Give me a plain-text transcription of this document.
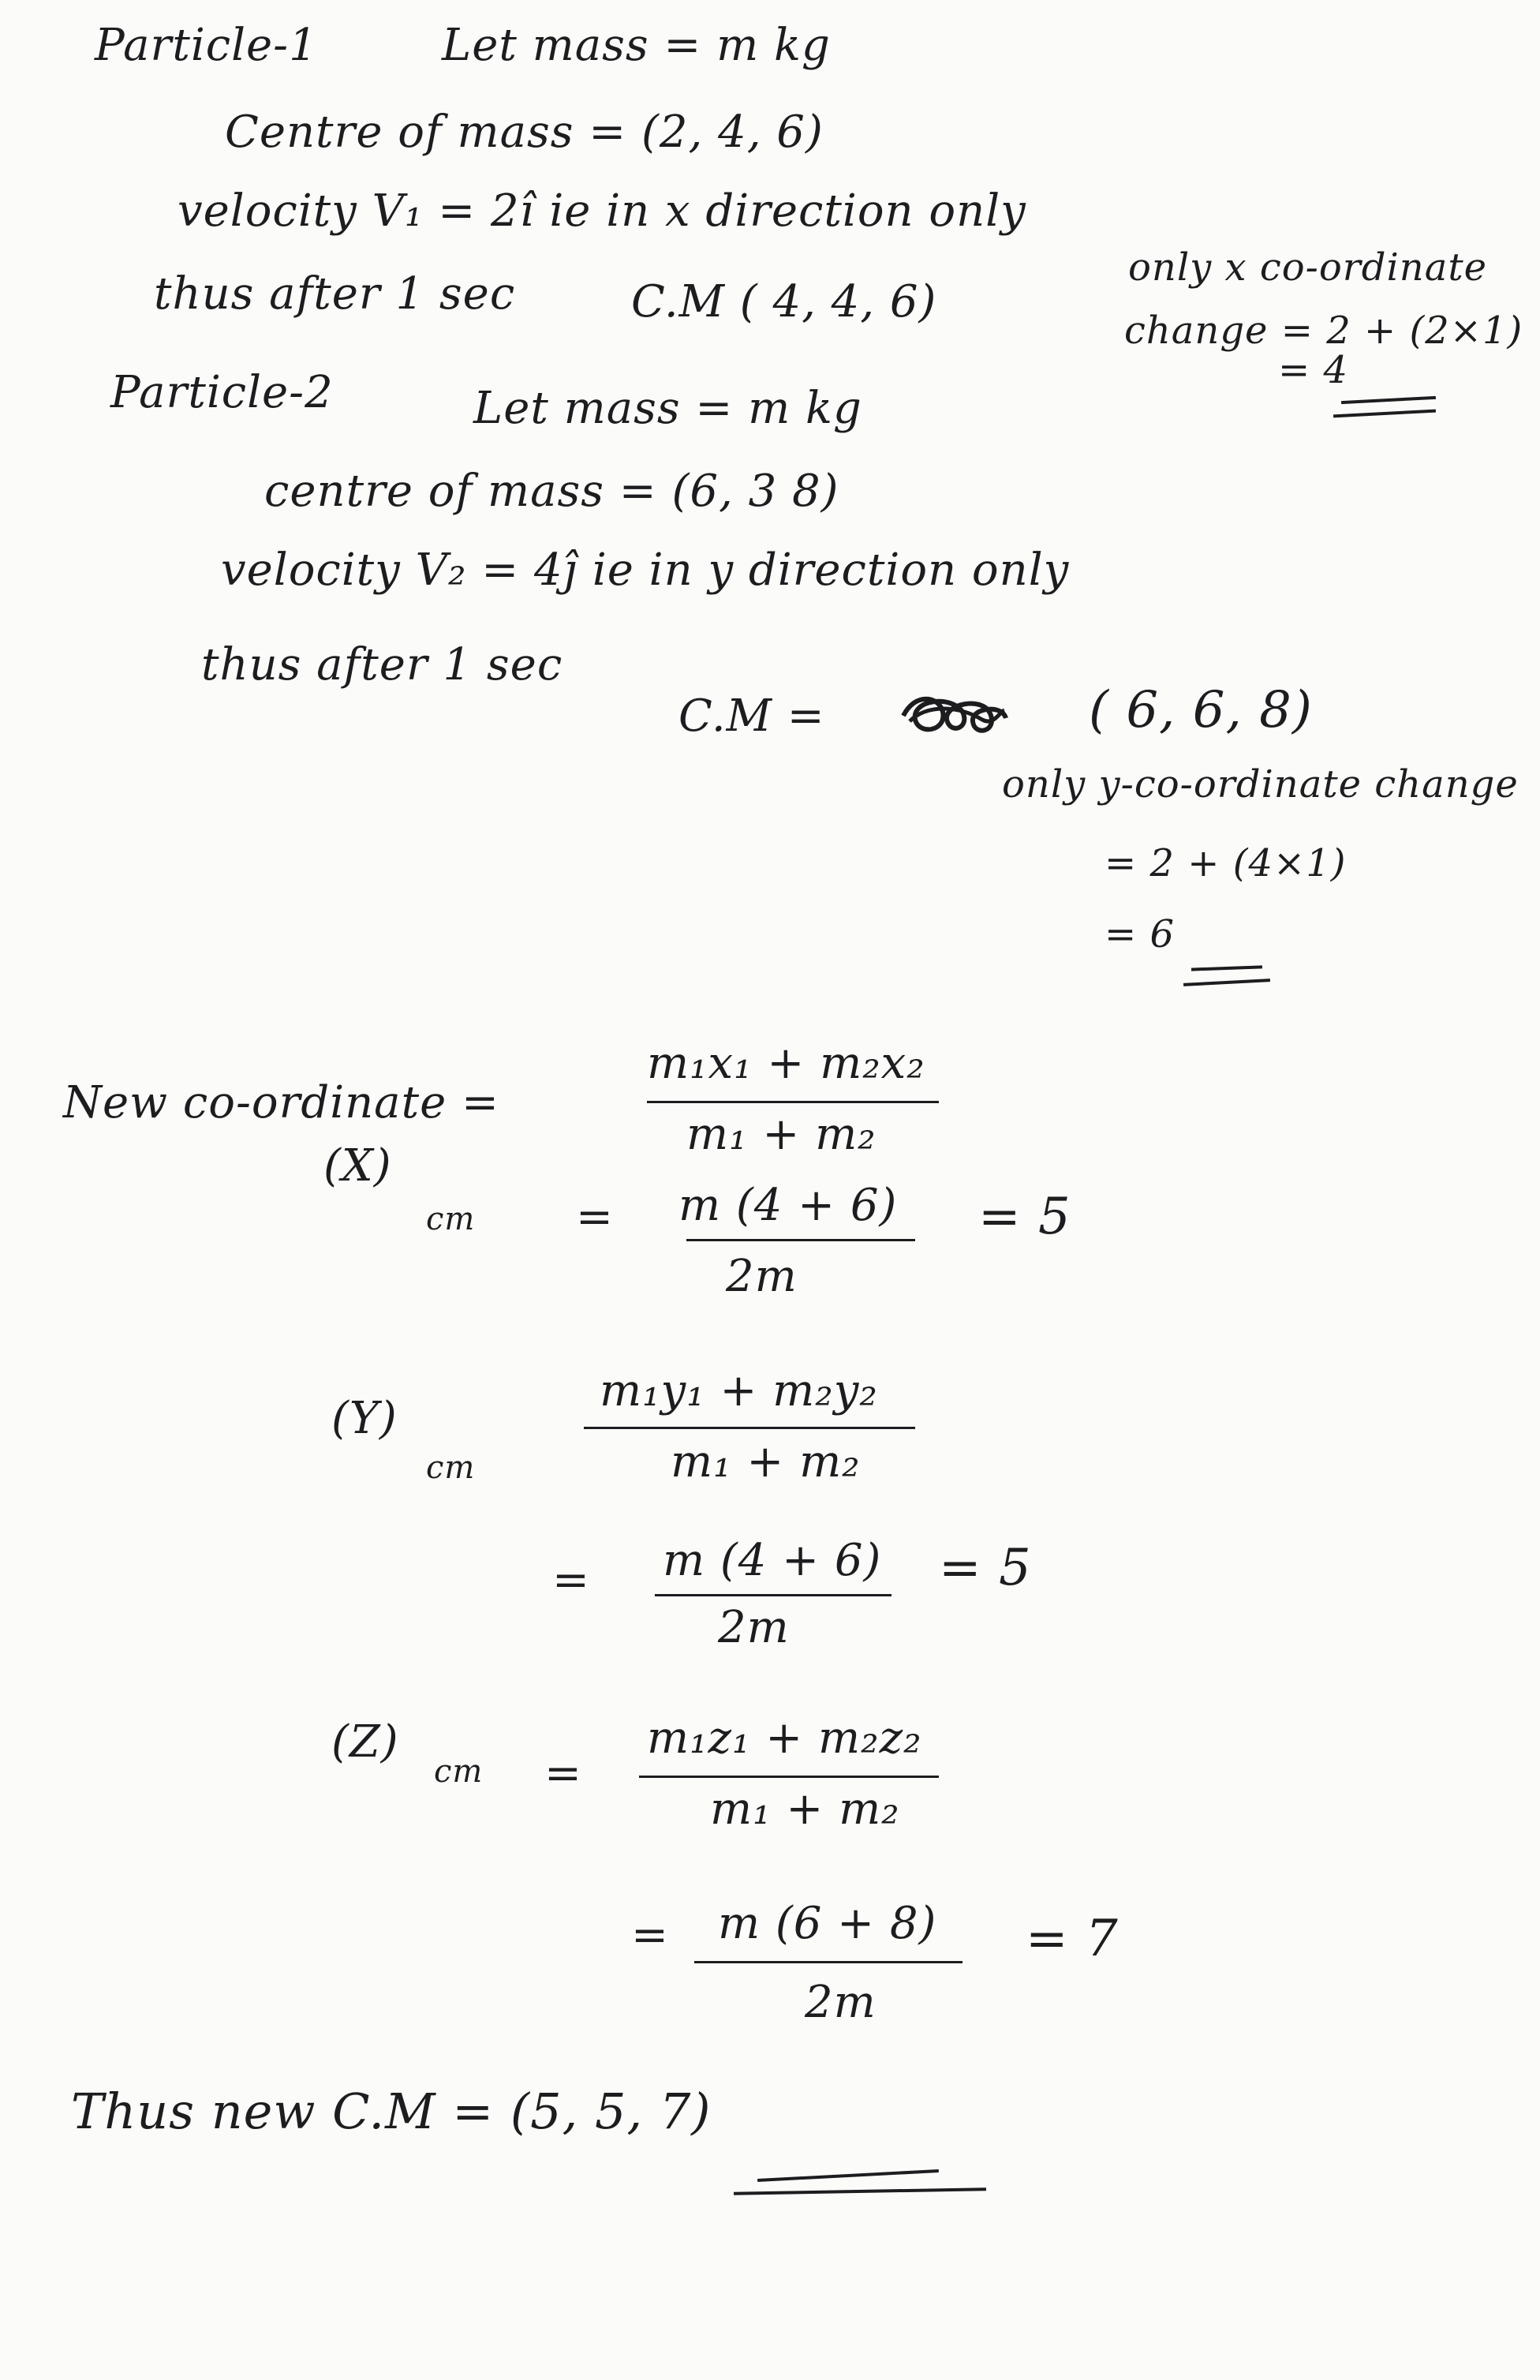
Particle-1	Let mass = m kg
Centre of mass = (2, 4, 6)
velocity V₁ = 2î ie in x direction only
thus after 1 sec	C.M ( 4, 4, 6)
only x co-ordinate
change = 2 + (2×1)
= 4
Particle-2	Let mass = m kg
centre of mass = (6, 3 8)
velocity V₂ = 4ĵ ie in y direction only
thus after 1 sec
C.M =	( 6, 6, 8)
only y-co-ordinate change
= 2 + (4×1)
= 6
New co-ordinate =
m₁x₁ + m₂x₂
m₁ + m₂
(X)
cm = m (4 + 6)
2m
= 5
m₁y₁ + m₂y₂
m₁ + m₂
(Y)
cm
= m (4 + 6)
2m
= 5
(Z)
cm =
m₁z₁ + m₂z₂
m₁ + m₂
= m (6 + 8)
2m
= 7
Thus new C.M = (5, 5, 7)
